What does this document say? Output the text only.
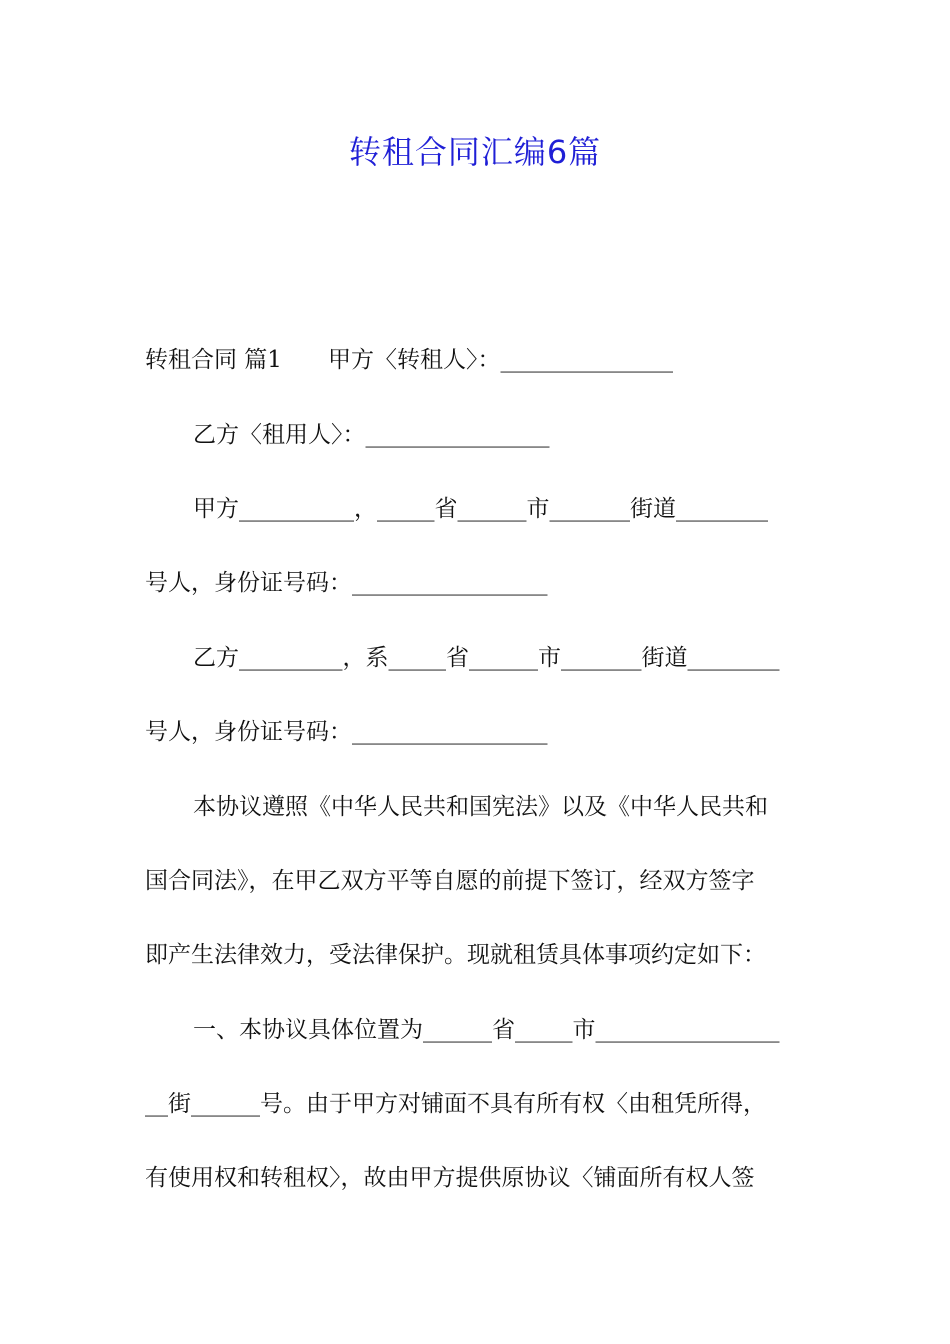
转租合同汇编6篇
转租合同 篇1 甲方〈转租人〉：_______________
乙方〈租用人〉：________________
甲方__________，_____省______市_______街道________
号人，身份证号码：_________________
乙方_________，系_____省______市_______街道________
号人，身份证号码：_________________
本协议遵照《中华人民共和国宪法》以及《中华人民共和
国合同法》，在甲乙双方平等自愿的前提下签订，经双方签字
即产生法律效力，受法律保护。现就租赁具体事项约定如下：
一、本协议具体位置为______省_____市________________
__街______号。由于甲方对铺面不具有所有权〈由租凭所得，
有使用权和转租权〉，故由甲方提供原协议〈铺面所有权人签
